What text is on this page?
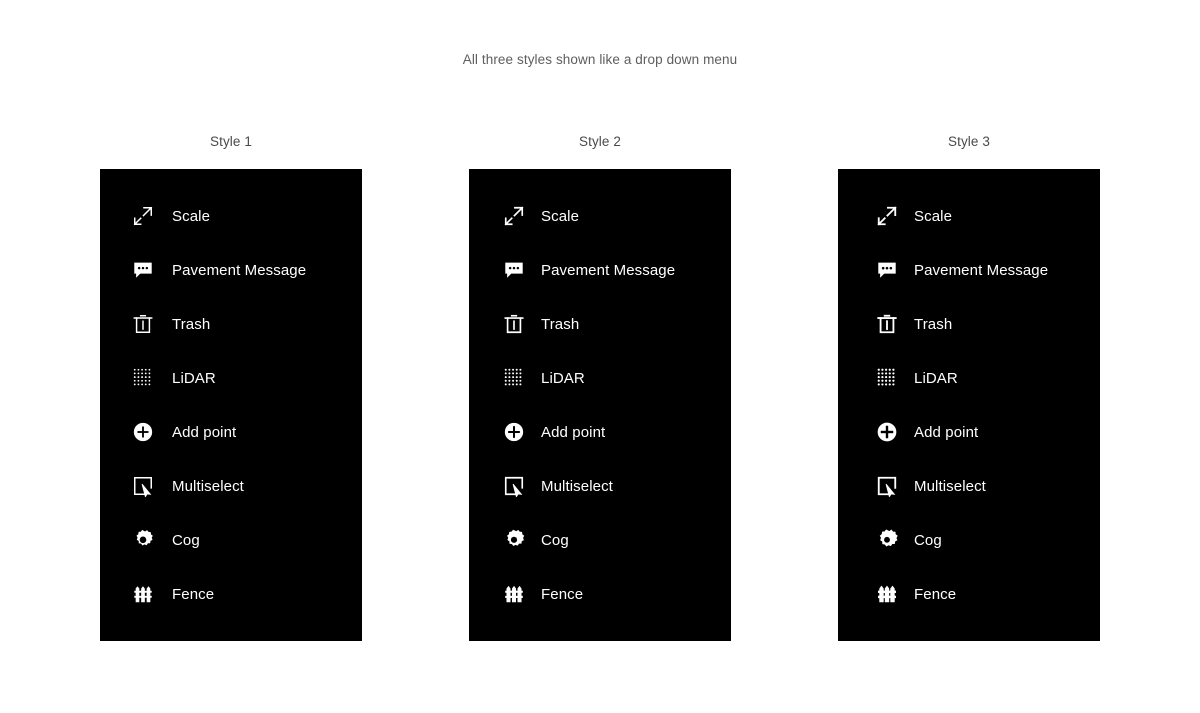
All three styles shown like a drop down menu
Style 1
Scale
Pavement Message
Trash
LiDAR
Add point
Multiselect
Cog
Fence
Style 2
Scale
Pavement Message
Trash
LiDAR
Add point
Multiselect
Cog
Fence
Style 3
Scale
Pavement Message
Trash
LiDAR
Add point
Multiselect
Cog
Fence
